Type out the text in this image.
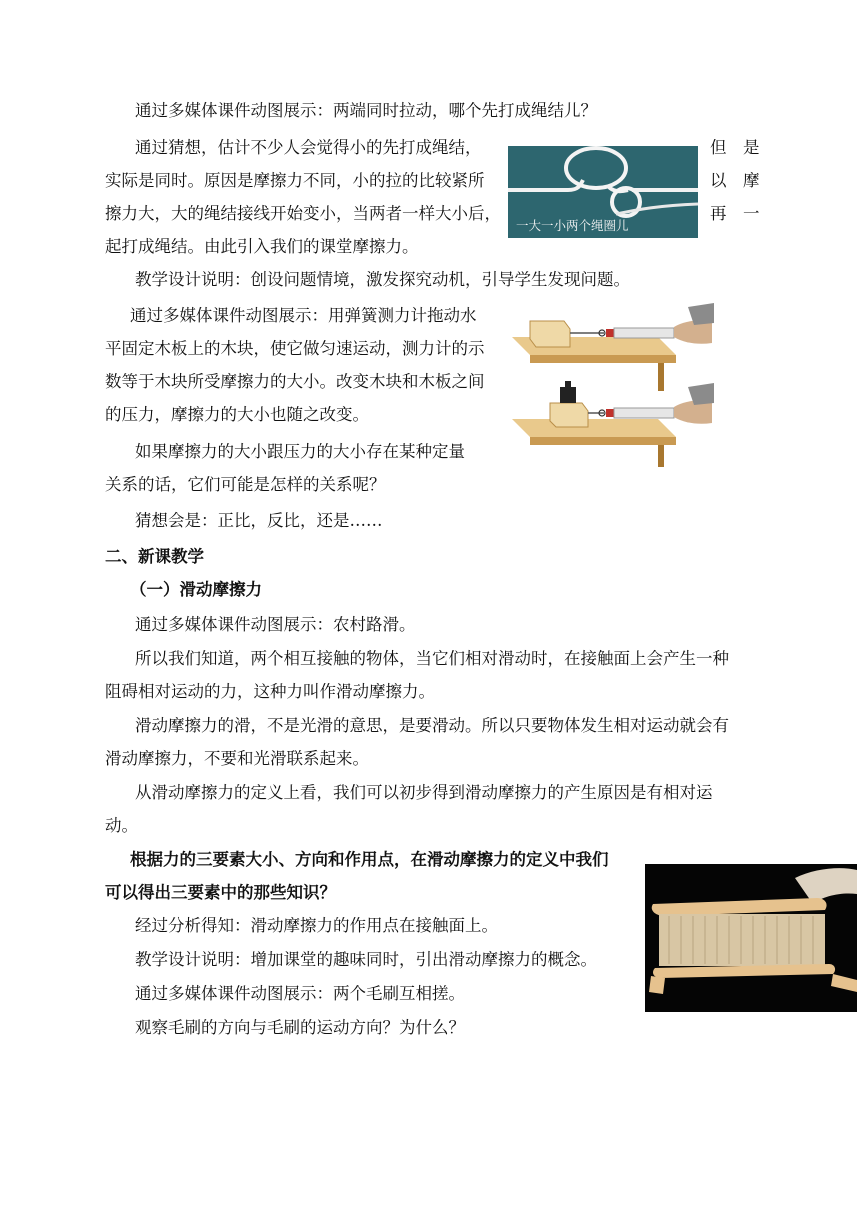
通过多媒体课件动图展示：两端同时拉动，哪个先打成绳结儿？
通过猜想，估计不少人会觉得小的先打成绳结，	但　是
实际是同时。原因是摩擦力不同，小的拉的比较紧所	以　摩
擦力大，大的绳结接线开始变小，当两者一样大小后，	再　一
起打成绳结。由此引入我们的课堂摩擦力。
一大一小两个绳圈儿
教学设计说明：创设问题情境，激发探究动机，引导学生发现问题。
通过多媒体课件动图展示：用弹簧测力计拖动水
平固定木板上的木块，使它做匀速运动，测力计的示
数等于木块所受摩擦力的大小。改变木块和木板之间
的压力，摩擦力的大小也随之改变。
如果摩擦力的大小跟压力的大小存在某种定量
关系的话，它们可能是怎样的关系呢？
猜想会是：正比，反比，还是……
二、新课教学
（一）滑动摩擦力
通过多媒体课件动图展示：农村路滑。
所以我们知道，两个相互接触的物体，当它们相对滑动时，在接触面上会产生一种
阻碍相对运动的力，这种力叫作滑动摩擦力。
滑动摩擦力的滑，不是光滑的意思，是要滑动。所以只要物体发生相对运动就会有
滑动摩擦力，不要和光滑联系起来。
从滑动摩擦力的定义上看，我们可以初步得到滑动摩擦力的产生原因是有相对运
动。
根据力的三要素大小、方向和作用点，在滑动摩擦力的定义中我们
可以得出三要素中的那些知识？
经过分析得知：滑动摩擦力的作用点在接触面上。
教学设计说明：增加课堂的趣味同时，引出滑动摩擦力的概念。
通过多媒体课件动图展示：两个毛刷互相搓。
观察毛刷的方向与毛刷的运动方向？为什么？
